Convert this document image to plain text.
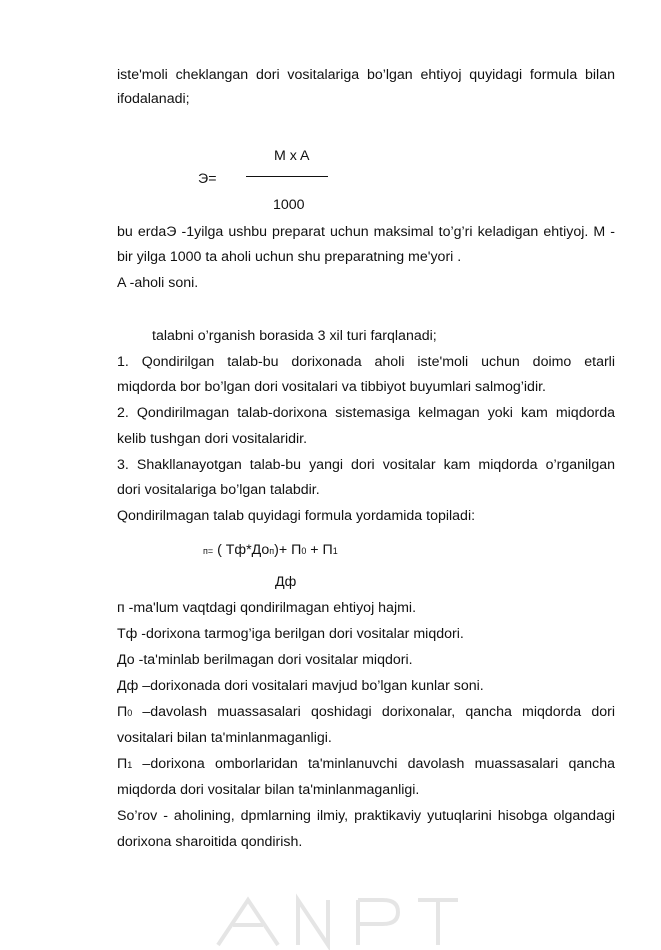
iste'moli cheklangan dori vositalariga bo’lgan ehtiyoj quyidagi formula bilan
ifodalanadi;
M x A
Э=
1000
bu erdaЭ -1yilga ushbu preparat uchun maksimal to’g’ri keladigan ehtiyoj. M -
bir yilga 1000 ta aholi uchun shu preparatning me'yori .
A -aholi soni.
talabni o’rganish borasida 3 xil turi farqlanadi;
1. Qondirilgan talab-bu dorixonada aholi iste'moli uchun doimo etarli
miqdorda bor bo’lgan dori vositalari va tibbiyot buyumlari salmog’idir.
2. Qondirilmagan talab-dorixona sistemasiga kelmagan yoki kam miqdorda
kelib tushgan dori vositalaridir.
3. Shakllanayotgan talab-bu yangi dori vositalar kam miqdorda o’rganilgan
dori vositalariga bo’lgan talabdir.
Qondirilmagan talab quyidagi formula yordamida topiladi:
п= ( Тф*Доп)+ П0 + П1
Дф
п -ma'lum vaqtdagi qondirilmagan ehtiyoj hajmi.
Тф -dorixona tarmog’iga berilgan dori vositalar miqdori.
До -ta'minlab berilmagan dori vositalar miqdori.
Дф –dorixonada dori vositalari mavjud bo’lgan kunlar soni.
П0 –davolash muassasalari qoshidagi dorixonalar, qancha miqdorda dori
vositalari bilan ta'minlanmaganligi.
П1 –dorixona omborlaridan ta'minlanuvchi davolash muassasalari qancha
miqdorda dori vositalar bilan ta'minlanmaganligi.
So’rov - aholining, dpmlarning ilmiy, praktikaviy yutuqlarini hisobga olgandagi
dorixona sharoitida qondirish.
